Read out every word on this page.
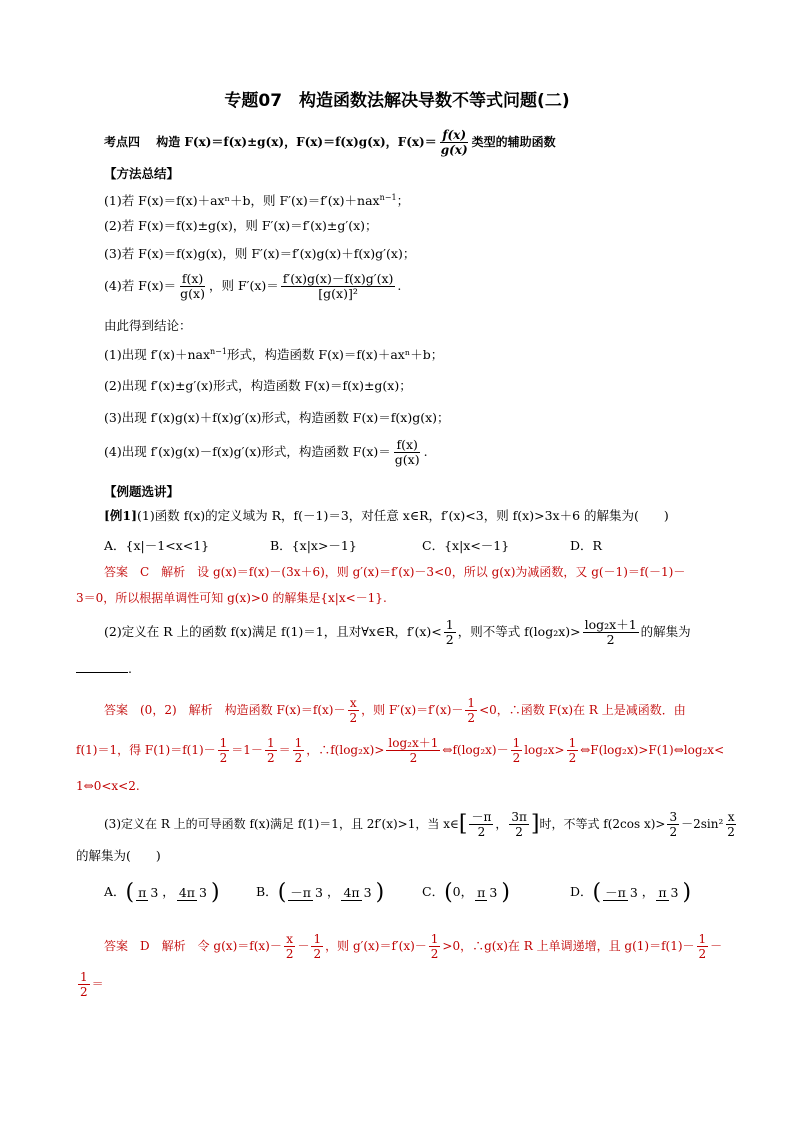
专题07　构造函数法解决导数不等式问题(二)
考点四　 构造 F(x)＝f(x)±g(x)，F(x)＝f(x)g(x)，$F(x)= \frac{f(x)}{g(x)}$ 类型的辅助函数
【方法总结】
(1)若 F(x)＝f(x)＋axⁿ＋b，则 F′(x)＝f′(x)＋nax$^{n-1}$；
(2)若 F(x)＝f(x)±g(x)，则 F′(x)＝f′(x)±g′(x)；
(3)若 F(x)＝f(x)g(x)，则 F′(x)＝f′(x)g(x)＋f(x)g′(x)；
(4)若 $F(x)= \frac{f(x)}{g(x)}$ ，则 $F'(x)= \frac{f'(x)g(x)-f(x)g'(x)}{\text{[g(x)]²}}$ .
由此得到结论：
(1)出现 f′(x)＋nax$^{n-1}$形式，构造函数 F(x)＝f(x)＋axⁿ＋b；
(2)出现 f′(x)±g′(x)形式，构造函数 F(x)＝f(x)±g(x)；
(3)出现 f′(x)g(x)＋f(x)g′(x)形式，构造函数 F(x)＝f(x)g(x)；
(4)出现 f′(x)g(x)－f(x)g′(x)形式，构造函数 $F(x)= \frac{f(x)}{g(x)}$ .
【例题选讲】
[例1](1)函数 f(x)的定义域为 R，f(－1)＝3，对任意 x∈R，f′(x)<3，则 f(x)>3x＋6 的解集为(　　)
A．{x|－1<x<1}	B．{x|x>－1}	C．{x|x<－1}	D．R
答案　C　解析　设 g(x)＝f(x)－(3x＋6)，则 g′(x)＝f′(x)－3<0，所以 g(x)为减函数，又 g(－1)＝f(－1)－
3＝0，所以根据单调性可知 g(x)>0 的解集是{x|x<－1}.
(2)定义在 R 上的函数 f(x)满足 f(1)＝1，且对∀x∈R，$f'(x)< \frac{1}{2}$ ，则不等式 $f(\log_2x)> \frac{\text{log₂x＋1}}{2}$ 的解集为
.
答案　(0，2)　解析　构造函数 $F(x)=f(x)- \frac{x}{2}$ ，则 $F'(x)=f'(x)- \frac{1}{2} <0$，∴函数 F(x)在 R 上是减函数．由
f(1)＝1，得 $F(1)=f(1)- \frac{1}{2} =1- \frac{1}{2} = \frac{1}{2}$ ，∴f(log₂x)> $\frac{\text{log₂x＋1}}{2}$ ⇔f(log₂x)－ $\frac{1}{2} \log_2x> \frac{1}{2}$ ⇔F(log₂x)>F(1)⇔log₂x<
1⇔0<x<2.
(3)定义在 R 上的可导函数 f(x)满足 f(1)＝1，且 2f′(x)>1，当 x∈[ $\frac{-\pi}{2}$ ， $\frac{3\pi}{2}$ ]时，不等式 f(2cos $x)> \frac{3}{2} -2\sin^2 \frac{x}{2}$
的解集为(　　)
A．( π 3 ， 4π 3 )	B．( －π 3 ， 4π 3 )	C．(0， π 3 )	D．( －π 3 ， π 3 )
答案　D　解析　令 $g(x)=f(x)- \frac{x}{2} - \frac{1}{2}$ ，则 $g'(x)=f'(x)- \frac{1}{2} >0$，∴g(x)在 R 上单调递增，且 $g(1)=f(1)- \frac{1}{2}$ －
$\frac{1}{2}$ ＝
